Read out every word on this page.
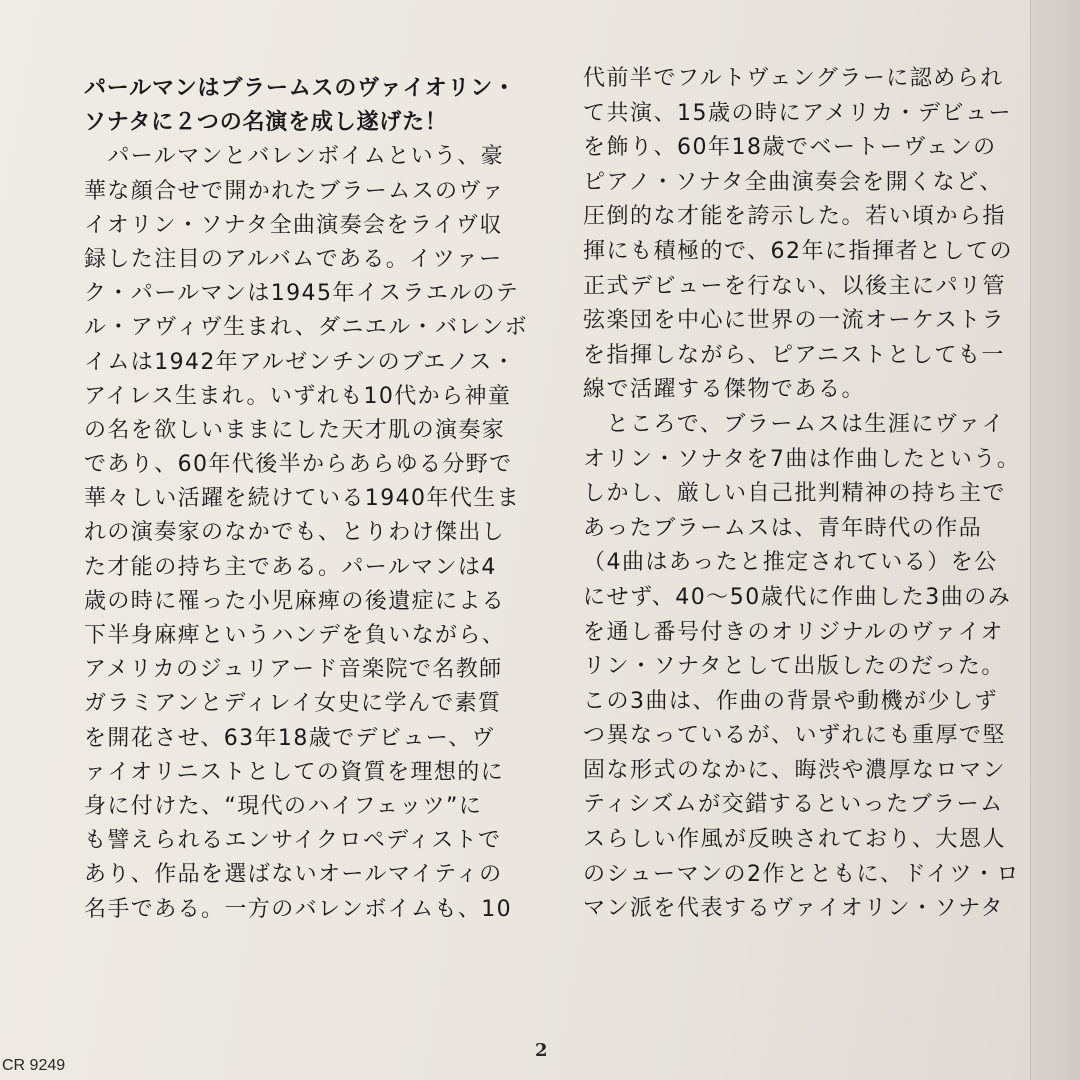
パールマンはブラームスのヴァイオリン・
ソナタに２つの名演を成し遂げた！
　パールマンとバレンボイムという、豪
華な顔合せで開かれたブラームスのヴァ
イオリン・ソナタ全曲演奏会をライヴ収
録した注目のアルバムである。イツァー
ク・パールマンは1945年イスラエルのテ
ル・アヴィヴ生まれ、ダニエル・バレンボ
イムは1942年アルゼンチンのブエノス・
アイレス生まれ。いずれも10代から神童
の名を欲しいままにした天才肌の演奏家
であり、60年代後半からあらゆる分野で
華々しい活躍を続けている1940年代生ま
れの演奏家のなかでも、とりわけ傑出し
た才能の持ち主である。パールマンは4
歳の時に罹った小児麻痺の後遺症による
下半身麻痺というハンデを負いながら、
アメリカのジュリアード音楽院で名教師
ガラミアンとディレイ女史に学んで素質
を開花させ、63年18歳でデビュー、ヴ
ァイオリニストとしての資質を理想的に
身に付けた、“現代のハイフェッツ”に
も譬えられるエンサイクロペディストで
あり、作品を選ばないオールマイティの
名手である。一方のバレンボイムも、10
代前半でフルトヴェングラーに認められ
て共演、15歳の時にアメリカ・デビュー
を飾り、60年18歳でベートーヴェンの
ピアノ・ソナタ全曲演奏会を開くなど、
圧倒的な才能を誇示した。若い頃から指
揮にも積極的で、62年に指揮者としての
正式デビューを行ない、以後主にパリ管
弦楽団を中心に世界の一流オーケストラ
を指揮しながら、ピアニストとしても一
線で活躍する傑物である。
　ところで、ブラームスは生涯にヴァイ
オリン・ソナタを7曲は作曲したという。
しかし、厳しい自己批判精神の持ち主で
あったブラームスは、青年時代の作品
（4曲はあったと推定されている）を公
にせず、40～50歳代に作曲した3曲のみ
を通し番号付きのオリジナルのヴァイオ
リン・ソナタとして出版したのだった。
この3曲は、作曲の背景や動機が少しず
つ異なっているが、いずれにも重厚で堅
固な形式のなかに、晦渋や濃厚なロマン
ティシズムが交錯するといったブラーム
スらしい作風が反映されており、大恩人
のシューマンの2作とともに、ドイツ・ロ
マン派を代表するヴァイオリン・ソナタ
2
CR 9249
